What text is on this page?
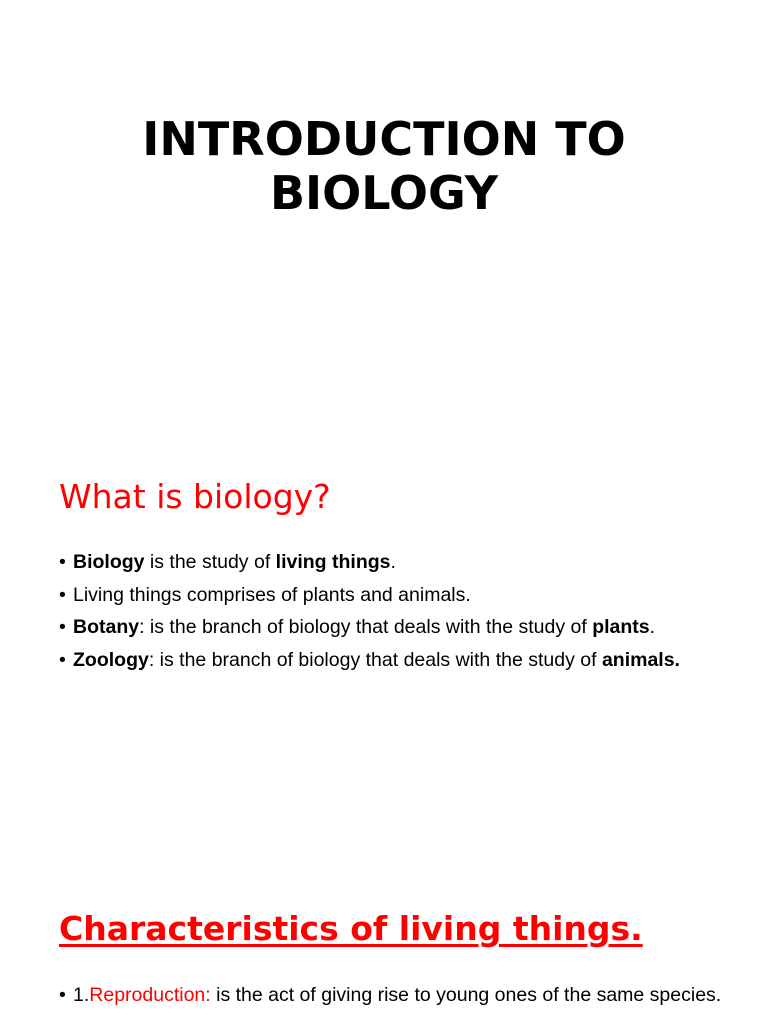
INTRODUCTION TO
BIOLOGY
What is biology?
• Biology is the study of living things.
• Living things comprises of plants and animals.
• Botany: is the branch of biology that deals with the study of plants.
• Zoology: is the branch of biology that deals with the study of animals.
Characteristics of living things.
• 1.Reproduction: is the act of giving rise to young ones of the same species.
